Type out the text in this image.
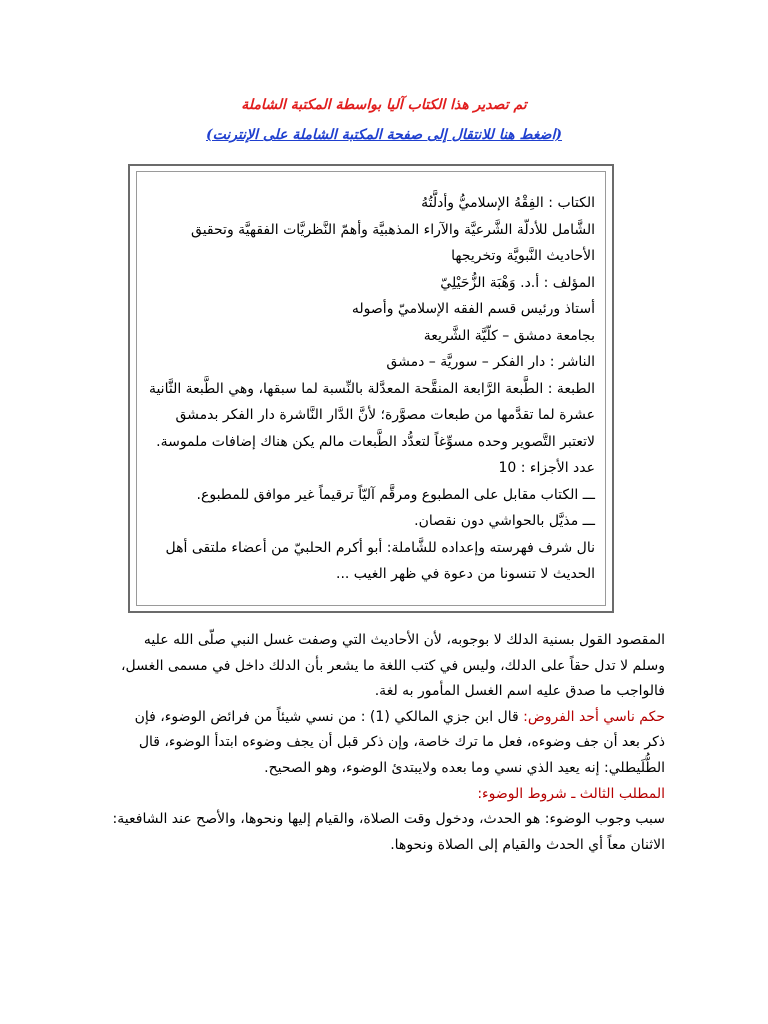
تم تصدير هذا الكتاب آليا بواسطة المكتبة الشاملة
(اضغط هنا للانتقال إلى صفحة المكتبة الشاملة على الإنترنت)

الكتاب : الفِقْهُ الإسلاميُّ وأدلَّتُهُ

الشَّامل للأدلّة الشَّرعيَّة والآراء المذهبيَّة وأهمّ النَّظريَّات الفقهيَّة وتحقيق الأحاديث النَّبويَّة وتخريجها

المؤلف : أ.د. وَهْبَة الزُّحَيْلِيّ

أستاذ ورئيس قسم الفقه الإسلاميّ وأصوله

بجامعة دمشق – كلّيَّة الشَّريعة

الناشر : دار الفكر – سوريَّة – دمشق

الطبعة : الطَّبعة الرَّابعة المنقَّحة المعدَّلة بالنِّسبة لما سبقها، وهي الطَّبعة الثَّانية عشرة لما تقدَّمها من طبعات مصوَّرة؛ لأنَّ الدَّار النَّاشرة دار الفكر بدمشق لاتعتبر التَّصوير وحده مسوِّغاً لتعدُّد الطَّبعات مالم يكن هناك إضافات ملموسة.

عدد الأجزاء : 10

ـــ الكتاب مقابل على المطبوع ومرقَّم آليّاً ترقيماً غير موافق للمطبوع.

ـــ مذيَّل بالحواشي دون نقصان.

نال شرف فهرسته وإعداده للشَّاملة: أبو أكرم الحلبيّ من أعضاء ملتقى أهل الحديث لا تنسونا من دعوة في ظهر الغيب ...

المقصود القول بسنية الدلك لا بوجوبه، لأن الأحاديث التي وصفت غسل النبي صلّى الله عليه وسلم لا تدل حقاً على الدلك، وليس في كتب اللغة ما يشعر بأن الدلك داخل في مسمى الغسل، فالواجب ما صدق عليه اسم الغسل المأمور به لغة.

حكم ناسي أحد الفروض: قال ابن جزي المالكي (1) : من نسي شيئاً من فرائض الوضوء، فإن ذكر بعد أن جف وضوءه، فعل ما ترك خاصة، وإن ذكر قبل أن يجف وضوءه ابتدأ الوضوء، قال الطُّلَيطلي: إنه يعيد الذي نسي وما بعده ولايبتدئ الوضوء، وهو الصحيح.

المطلب الثالث ـ شروط الوضوء:

سبب وجوب الوضوء: هو الحدث، ودخول وقت الصلاة، والقيام إليها ونحوها، والأصح عند الشافعية: الاثنان معاً أي الحدث والقيام إلى الصلاة ونحوها.
